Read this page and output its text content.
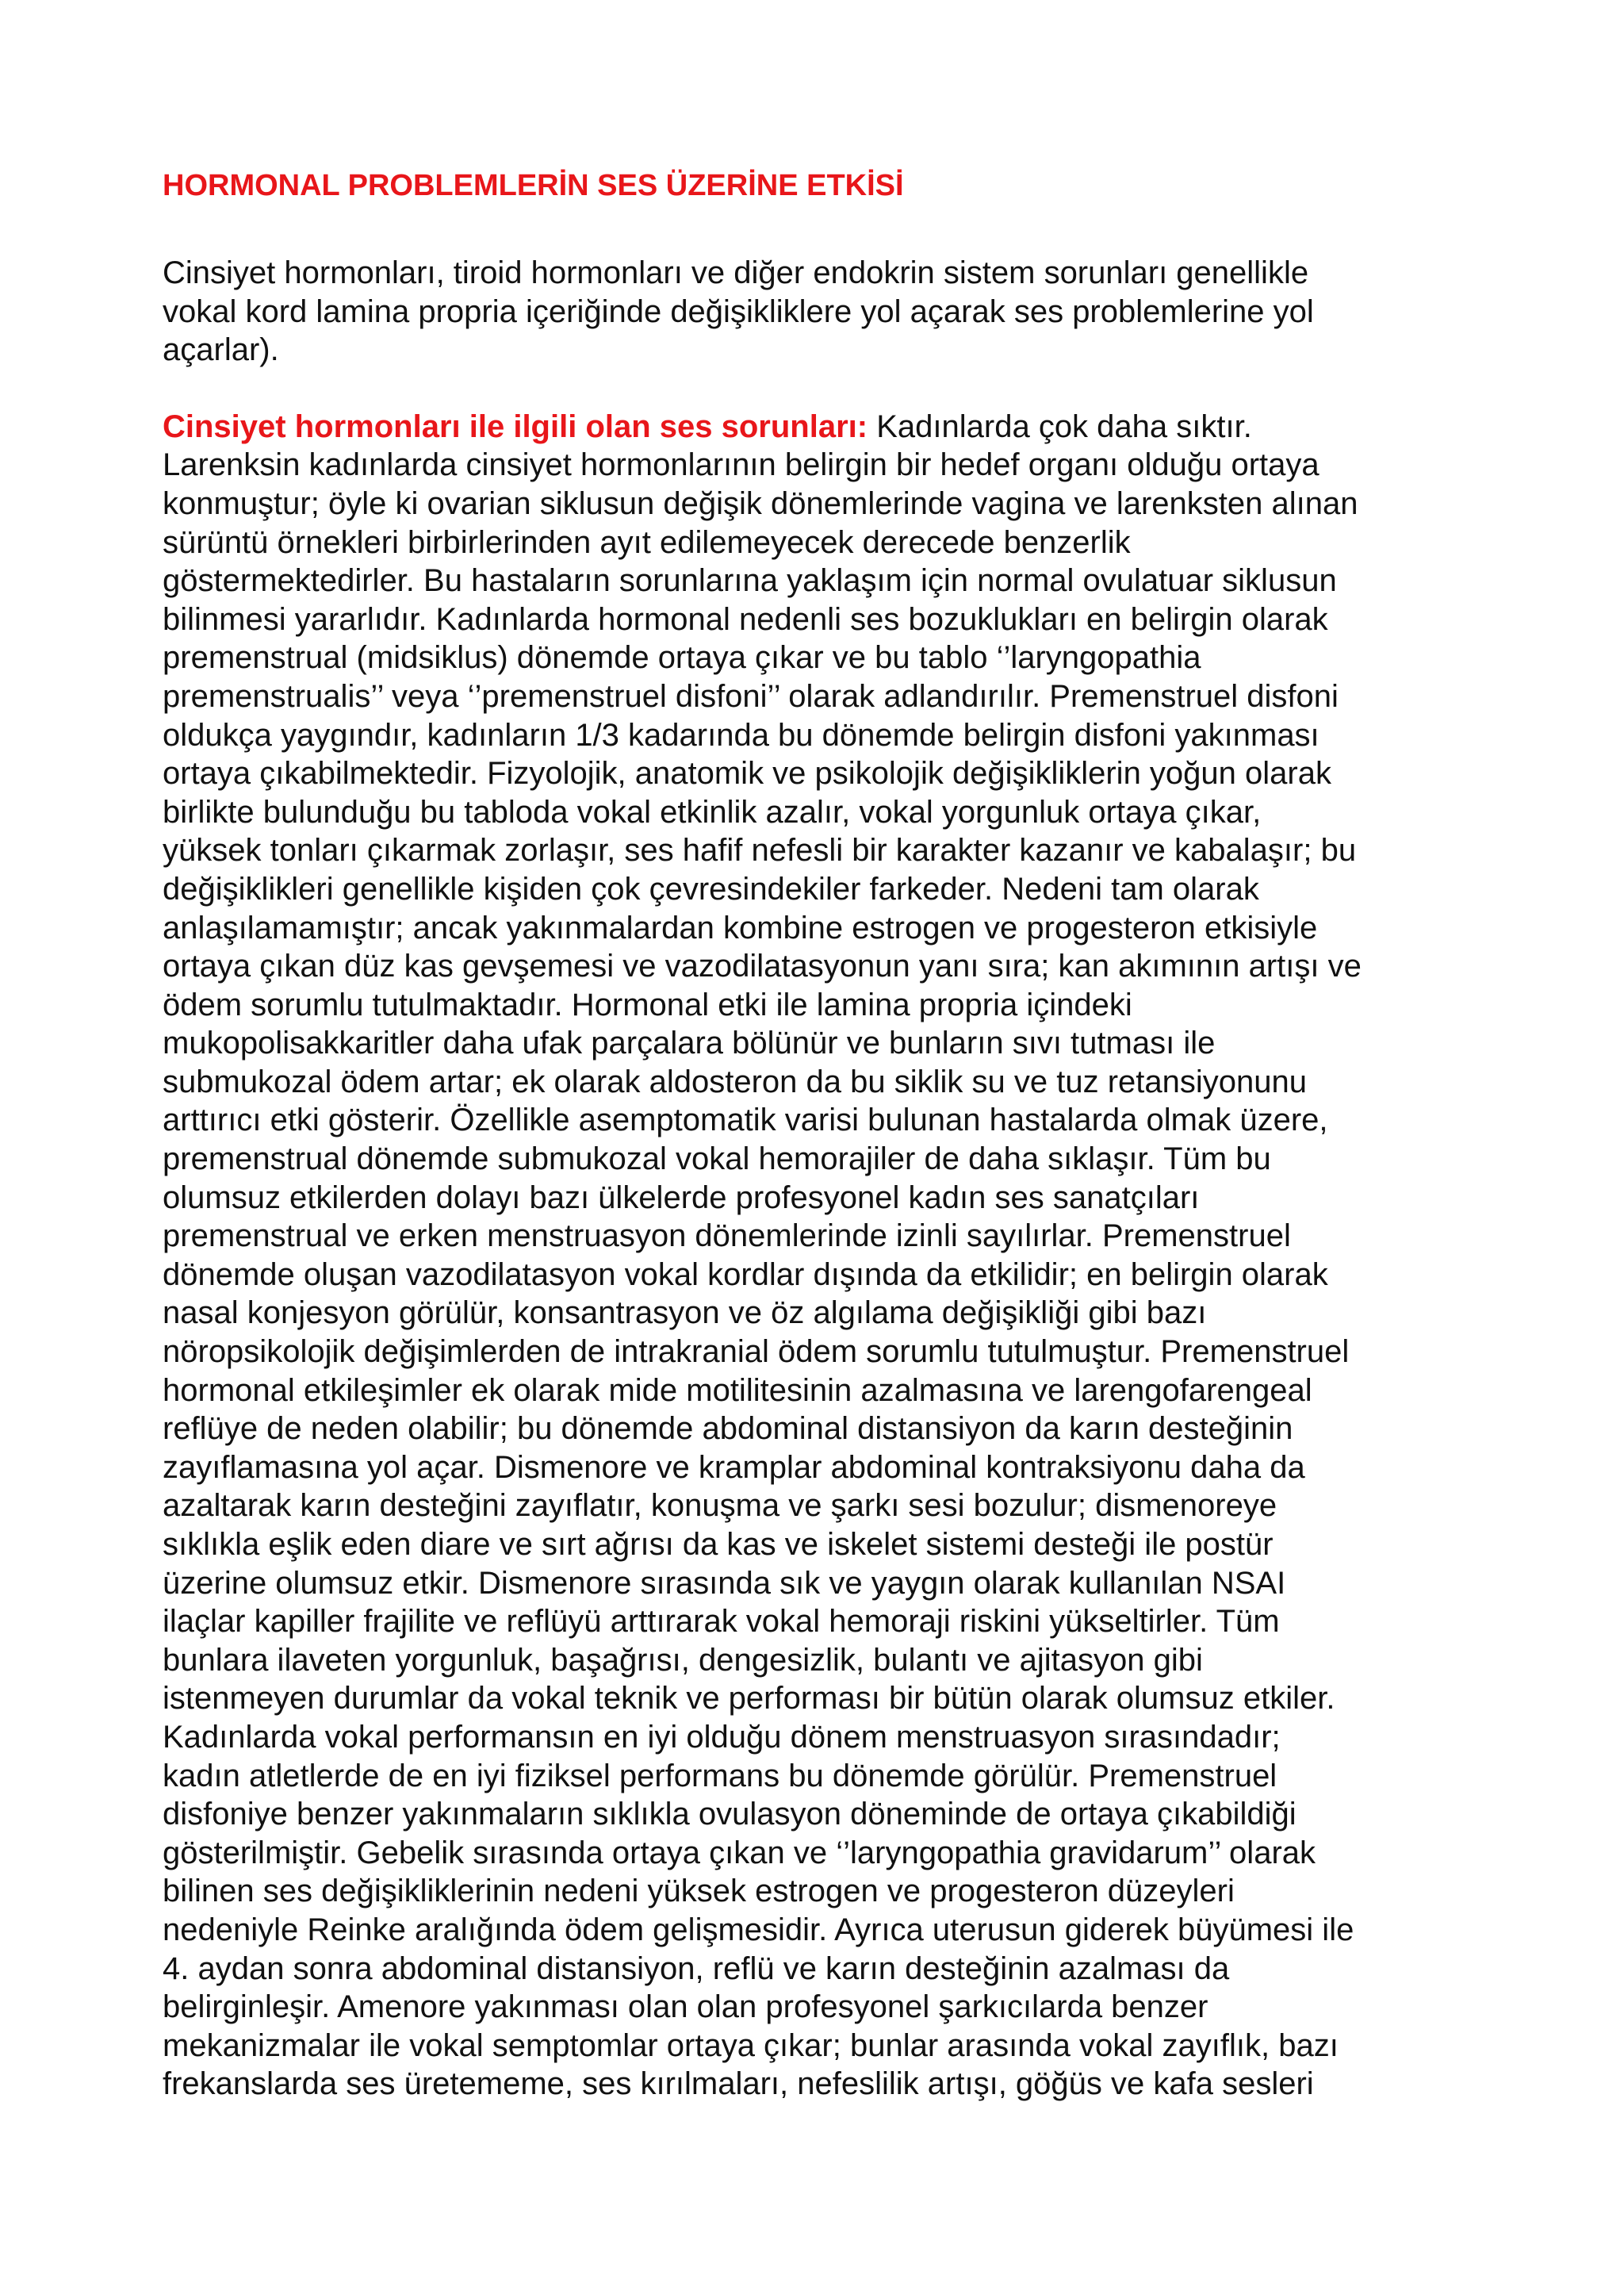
HORMONAL PROBLEMLERİN SES ÜZERİNE ETKİSİ

Cinsiyet hormonları, tiroid hormonları ve diğer endokrin sistem sorunları genellikle
vokal kord lamina propria içeriğinde değişikliklere yol açarak ses problemlerine yol
açarlar).

Cinsiyet hormonları ile ilgili olan ses sorunları: Kadınlarda çok daha sıktır.
Larenksin kadınlarda cinsiyet hormonlarının belirgin bir hedef organı olduğu ortaya
konmuştur; öyle ki ovarian siklusun değişik dönemlerinde vagina ve larenksten alınan
sürüntü örnekleri birbirlerinden ayıt edilemeyecek derecede benzerlik
göstermektedirler. Bu hastaların sorunlarına yaklaşım için normal ovulatuar siklusun
bilinmesi yararlıdır. Kadınlarda hormonal nedenli ses bozuklukları en belirgin olarak
premenstrual (midsiklus) dönemde ortaya çıkar ve bu tablo ‘’laryngopathia
premenstrualis’’ veya ‘’premenstruel disfoni’’ olarak adlandırılır. Premenstruel disfoni
oldukça yaygındır, kadınların 1/3 kadarında bu dönemde belirgin disfoni yakınması
ortaya çıkabilmektedir. Fizyolojik, anatomik ve psikolojik değişikliklerin yoğun olarak
birlikte bulunduğu bu tabloda vokal etkinlik azalır, vokal yorgunluk ortaya çıkar,
yüksek tonları çıkarmak zorlaşır, ses hafif nefesli bir karakter kazanır ve kabalaşır; bu
değişiklikleri genellikle kişiden çok çevresindekiler farkeder. Nedeni tam olarak
anlaşılamamıştır; ancak yakınmalardan kombine estrogen ve progesteron etkisiyle
ortaya çıkan düz kas gevşemesi ve vazodilatasyonun yanı sıra; kan akımının artışı ve
ödem sorumlu tutulmaktadır. Hormonal etki ile lamina propria içindeki
mukopolisakkaritler daha ufak parçalara bölünür ve bunların sıvı tutması ile
submukozal ödem artar; ek olarak aldosteron da bu siklik su ve tuz retansiyonunu
arttırıcı etki gösterir. Özellikle asemptomatik varisi bulunan hastalarda olmak üzere,
premenstrual dönemde submukozal vokal hemorajiler de daha sıklaşır. Tüm bu
olumsuz etkilerden dolayı bazı ülkelerde profesyonel kadın ses sanatçıları
premenstrual ve erken menstruasyon dönemlerinde izinli sayılırlar. Premenstruel
dönemde oluşan vazodilatasyon vokal kordlar dışında da etkilidir; en belirgin olarak
nasal konjesyon görülür, konsantrasyon ve öz algılama değişikliği gibi bazı
nöropsikolojik değişimlerden de intrakranial ödem sorumlu tutulmuştur. Premenstruel
hormonal etkileşimler ek olarak mide motilitesinin azalmasına ve larengofarengeal
reflüye de neden olabilir; bu dönemde abdominal distansiyon da karın desteğinin
zayıflamasına yol açar. Dismenore ve kramplar abdominal kontraksiyonu daha da
azaltarak karın desteğini zayıflatır, konuşma ve şarkı sesi bozulur; dismenoreye
sıklıkla eşlik eden diare ve sırt ağrısı da kas ve iskelet sistemi desteği ile postür
üzerine olumsuz etkir. Dismenore sırasında sık ve yaygın olarak kullanılan NSAI
ilaçlar kapiller frajilite ve reflüyü arttırarak vokal hemoraji riskini yükseltirler. Tüm
bunlara ilaveten yorgunluk, başağrısı, dengesizlik, bulantı ve ajitasyon gibi
istenmeyen durumlar da vokal teknik ve performası bir bütün olarak olumsuz etkiler.
Kadınlarda vokal performansın en iyi olduğu dönem menstruasyon sırasındadır;
kadın atletlerde de en iyi fiziksel performans bu dönemde görülür. Premenstruel
disfoniye benzer yakınmaların sıklıkla ovulasyon döneminde de ortaya çıkabildiği
gösterilmiştir. Gebelik sırasında ortaya çıkan ve ‘’laryngopathia gravidarum’’ olarak
bilinen ses değişikliklerinin nedeni yüksek estrogen ve progesteron düzeyleri
nedeniyle Reinke aralığında ödem gelişmesidir. Ayrıca uterusun giderek büyümesi ile
4. aydan sonra abdominal distansiyon, reflü ve karın desteğinin azalması da
belirginleşir. Amenore yakınması olan olan profesyonel şarkıcılarda benzer
mekanizmalar ile vokal semptomlar ortaya çıkar; bunlar arasında vokal zayıflık, bazı
frekanslarda ses üretememe, ses kırılmaları, nefeslilik artışı, göğüs ve kafa sesleri
